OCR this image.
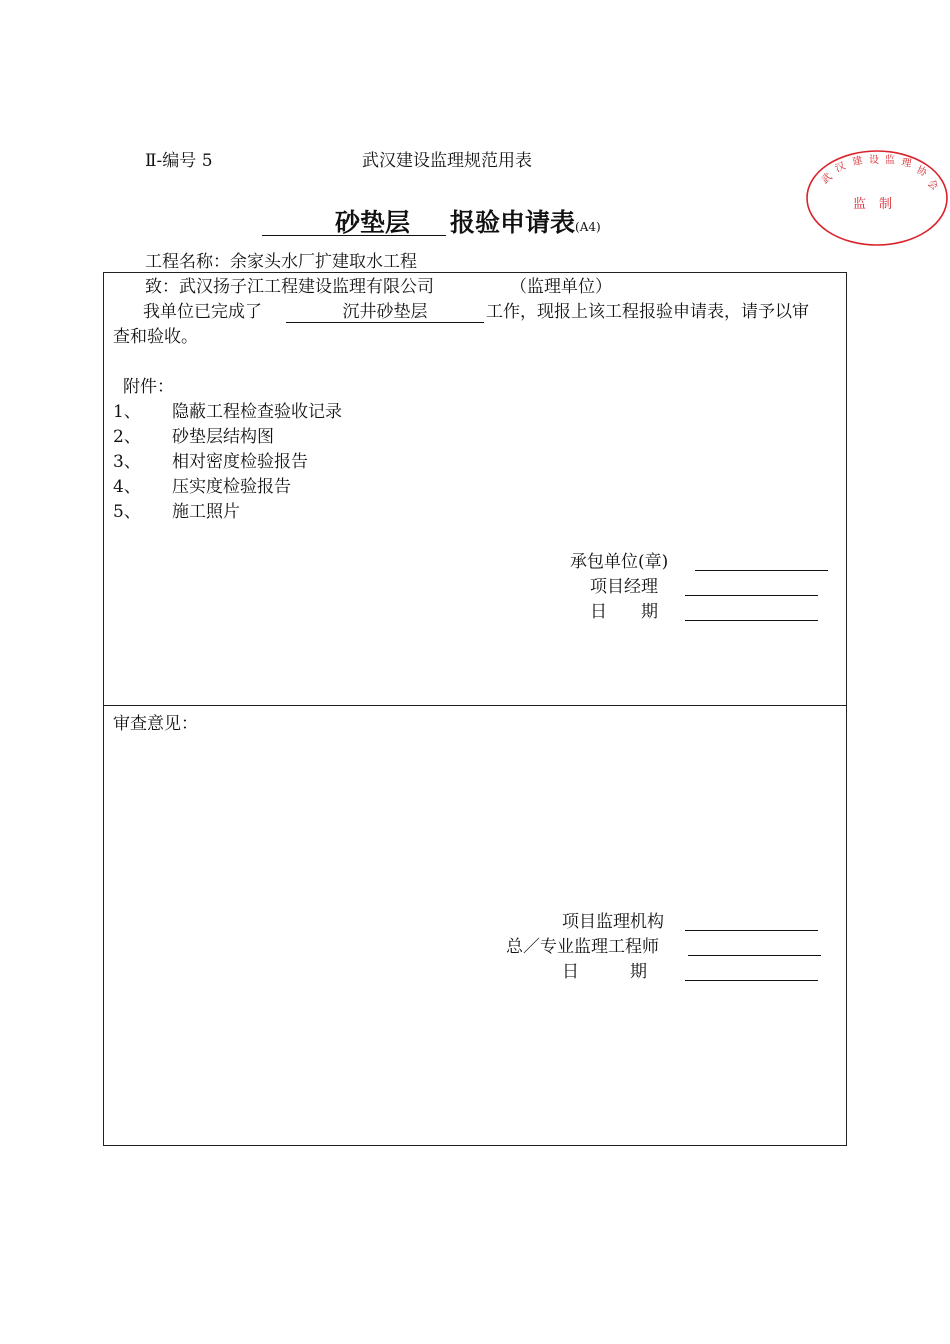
Ⅱ-编号 5	武汉建设监理规范用表
武
汉 建 设 监 理
协
会
监　制
砂垫层 报验申请表(A4)
工程名称：余家头水厂扩建取水工程
致：武汉扬子江工程建设监理有限公司	（监理单位）
我单位已完成了	沉井砂垫层	工作，现报上该工程报验申请表，请予以审
查和验收。
附件：
1、 隐蔽工程检查验收记录
2、 砂垫层结构图
3、 相对密度检验报告
4、 压实度检验报告
5、 施工照片
承包单位(章)
项目经理
日　　期
审查意见：
项目监理机构
总／专业监理工程师
日　　　期
